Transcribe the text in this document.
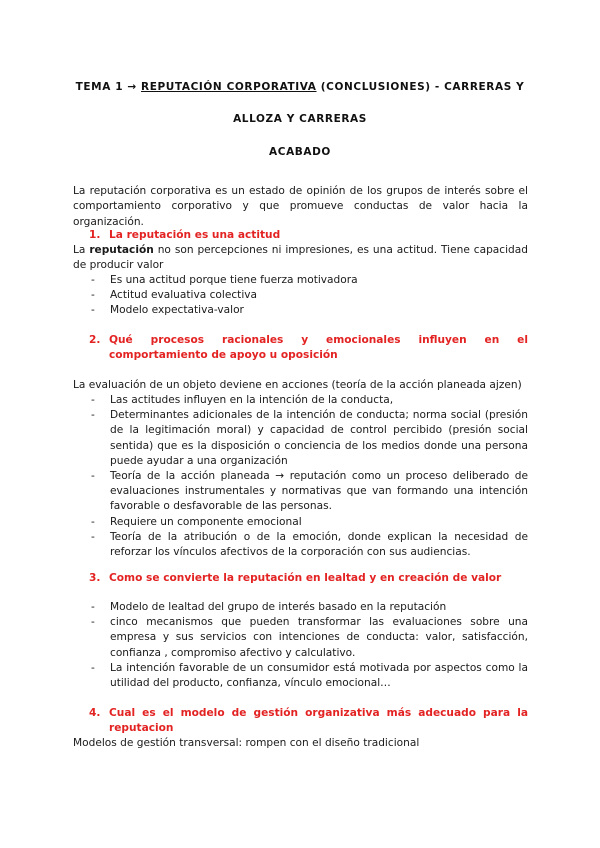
TEMA 1 → REPUTACIÓN CORPORATIVA (CONCLUSIONES) - CARRERAS Y
ALLOZA Y CARRERAS
ACABADO
La reputación corporativa es un estado de opinión de los grupos de interés sobre el comportamiento corporativo y que promueve conductas de valor hacia la organización.
1. La reputación es una actitud
La reputación no son percepciones ni impresiones, es una actitud. Tiene capacidad de producir valor
- Es una actitud porque tiene fuerza motivadora
- Actitud evaluativa colectiva
- Modelo expectativa-valor
2. Qué procesos racionales y emocionales influyen en el comportamiento de apoyo u oposición
La evaluación de un objeto deviene en acciones (teoría de la acción planeada ajzen)
- Las actitudes influyen en la intención de la conducta,
- Determinantes adicionales de la intención de conducta; norma social (presión de la legitimación moral) y capacidad de control percibido (presión social sentida) que es la disposición o conciencia de los medios donde una persona puede ayudar a una organización
- Teoría de la acción planeada → reputación como un proceso deliberado de evaluaciones instrumentales y normativas que van formando una intención favorable o desfavorable de las personas.
- Requiere un componente emocional
- Teoría de la atribución o de la emoción, donde explican la necesidad de reforzar los vínculos afectivos de la corporación con sus audiencias.
3. Como se convierte la reputación en lealtad y en creación de valor
- Modelo de lealtad del grupo de interés basado en la reputación
- cinco mecanismos que pueden transformar las evaluaciones sobre una empresa y sus servicios con intenciones de conducta: valor, satisfacción, confianza , compromiso afectivo y calculativo.
- La intención favorable de un consumidor está motivada por aspectos como la utilidad del producto, confianza, vínculo emocional…
4. Cual es el modelo de gestión organizativa más adecuado para la reputacion
Modelos de gestión transversal: rompen con el diseño tradicional
